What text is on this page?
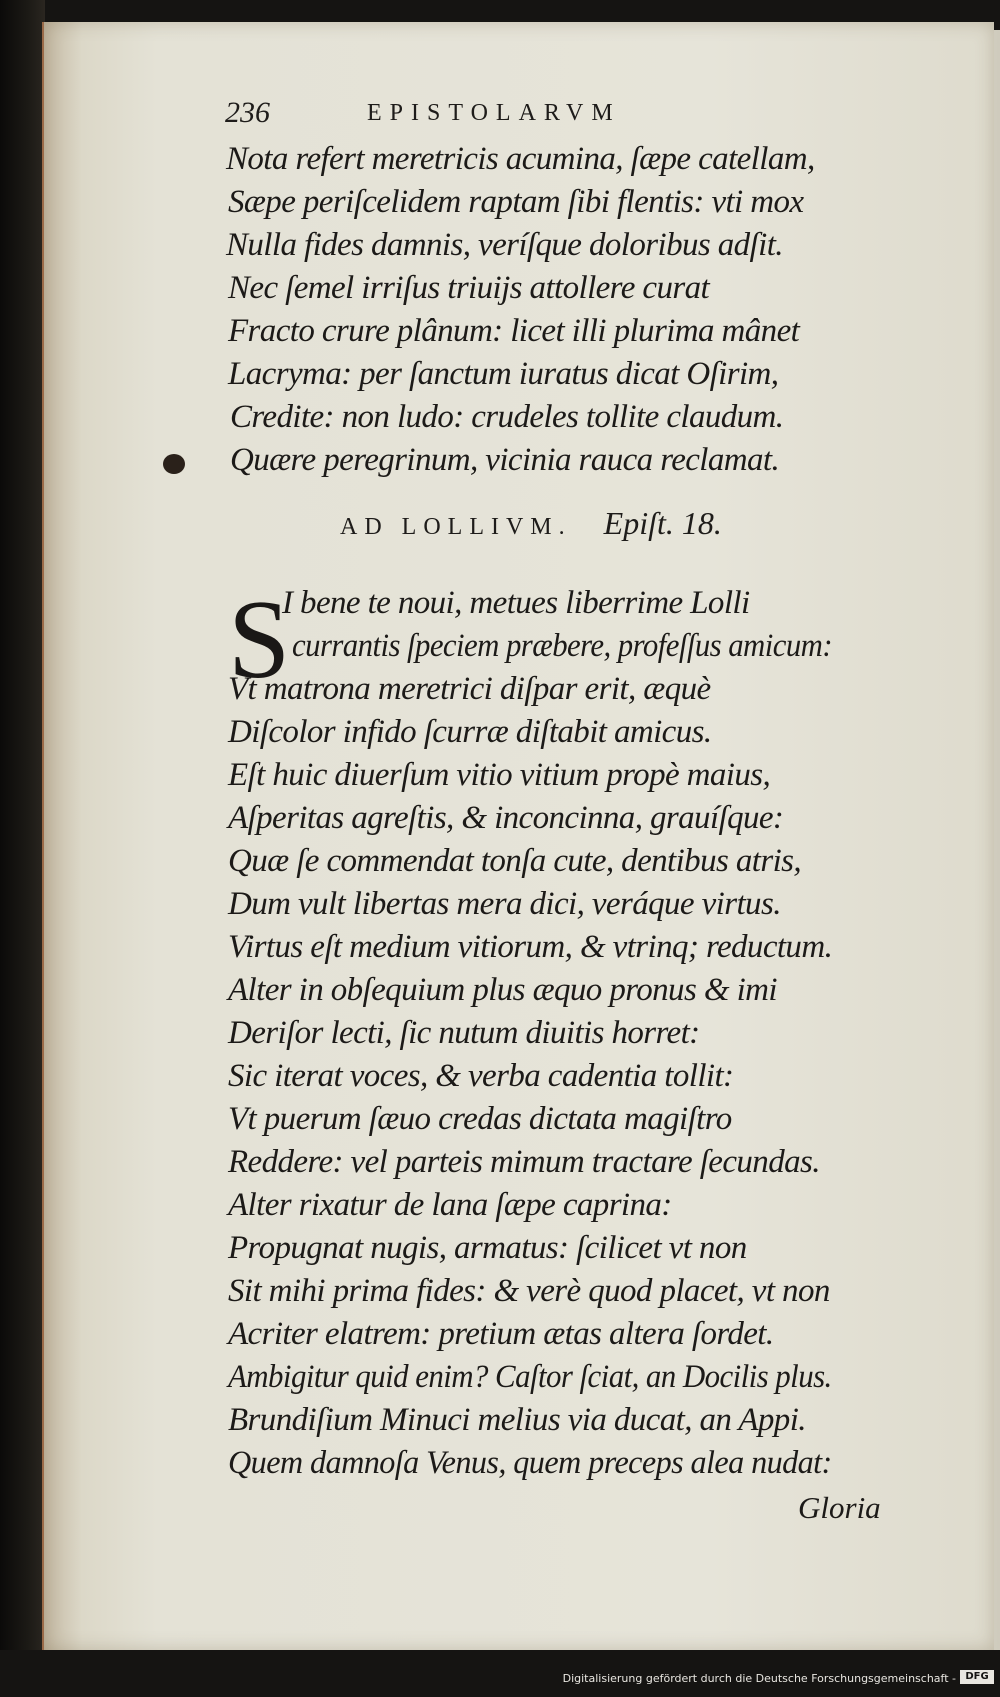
236	EPISTOLARVM
Nota refert meretricis acumina, ſæpe catellam,
Sæpe periſcelidem raptam ſibi flentis: vti mox
Nulla fides damnis, veríſque doloribus adſit.
Nec ſemel irriſus triuijs attollere curat
Fracto crure plânum: licet illi plurima mânet
Lacryma: per ſanctum iuratus dicat Oſirim,
Credite: non ludo: crudeles tollite claudum.
Quære peregrinum, vicinia rauca reclamat.
AD LOLLIVM. Epiſt. 18.
S
I bene te noui, metues liberrime Lolli
currantis ſpeciem præbere, profeſſus amicum:
Vt matrona meretrici diſpar erit, æquè
Diſcolor infido ſcurræ diſtabit amicus.
Eſt huic diuerſum vitio vitium propè maius,
Aſperitas agreſtis, & inconcinna, grauíſque:
Quæ ſe commendat tonſa cute, dentibus atris,
Dum vult libertas mera dici, veráque virtus.
Virtus eſt medium vitiorum, & vtrinq; reductum.
Alter in obſequium plus æquo pronus & imi
Deriſor lecti, ſic nutum diuitis horret:
Sic iterat voces, & verba cadentia tollit:
Vt puerum ſæuo credas dictata magiſtro
Reddere: vel parteis mimum tractare ſecundas.
Alter rixatur de lana ſæpe caprina:
Propugnat nugis, armatus: ſcilicet vt non
Sit mihi prima fides: & verè quod placet, vt non
Acriter elatrem: pretium ætas altera ſordet.
Ambigitur quid enim? Caſtor ſciat, an Docilis plus.
Brundiſium Minuci melius via ducat, an Appi.
Quem damnoſa Venus, quem preceps alea nudat:
Gloria
Digitalisierung gefördert durch die Deutsche Forschungsgemeinschaft - DFG
